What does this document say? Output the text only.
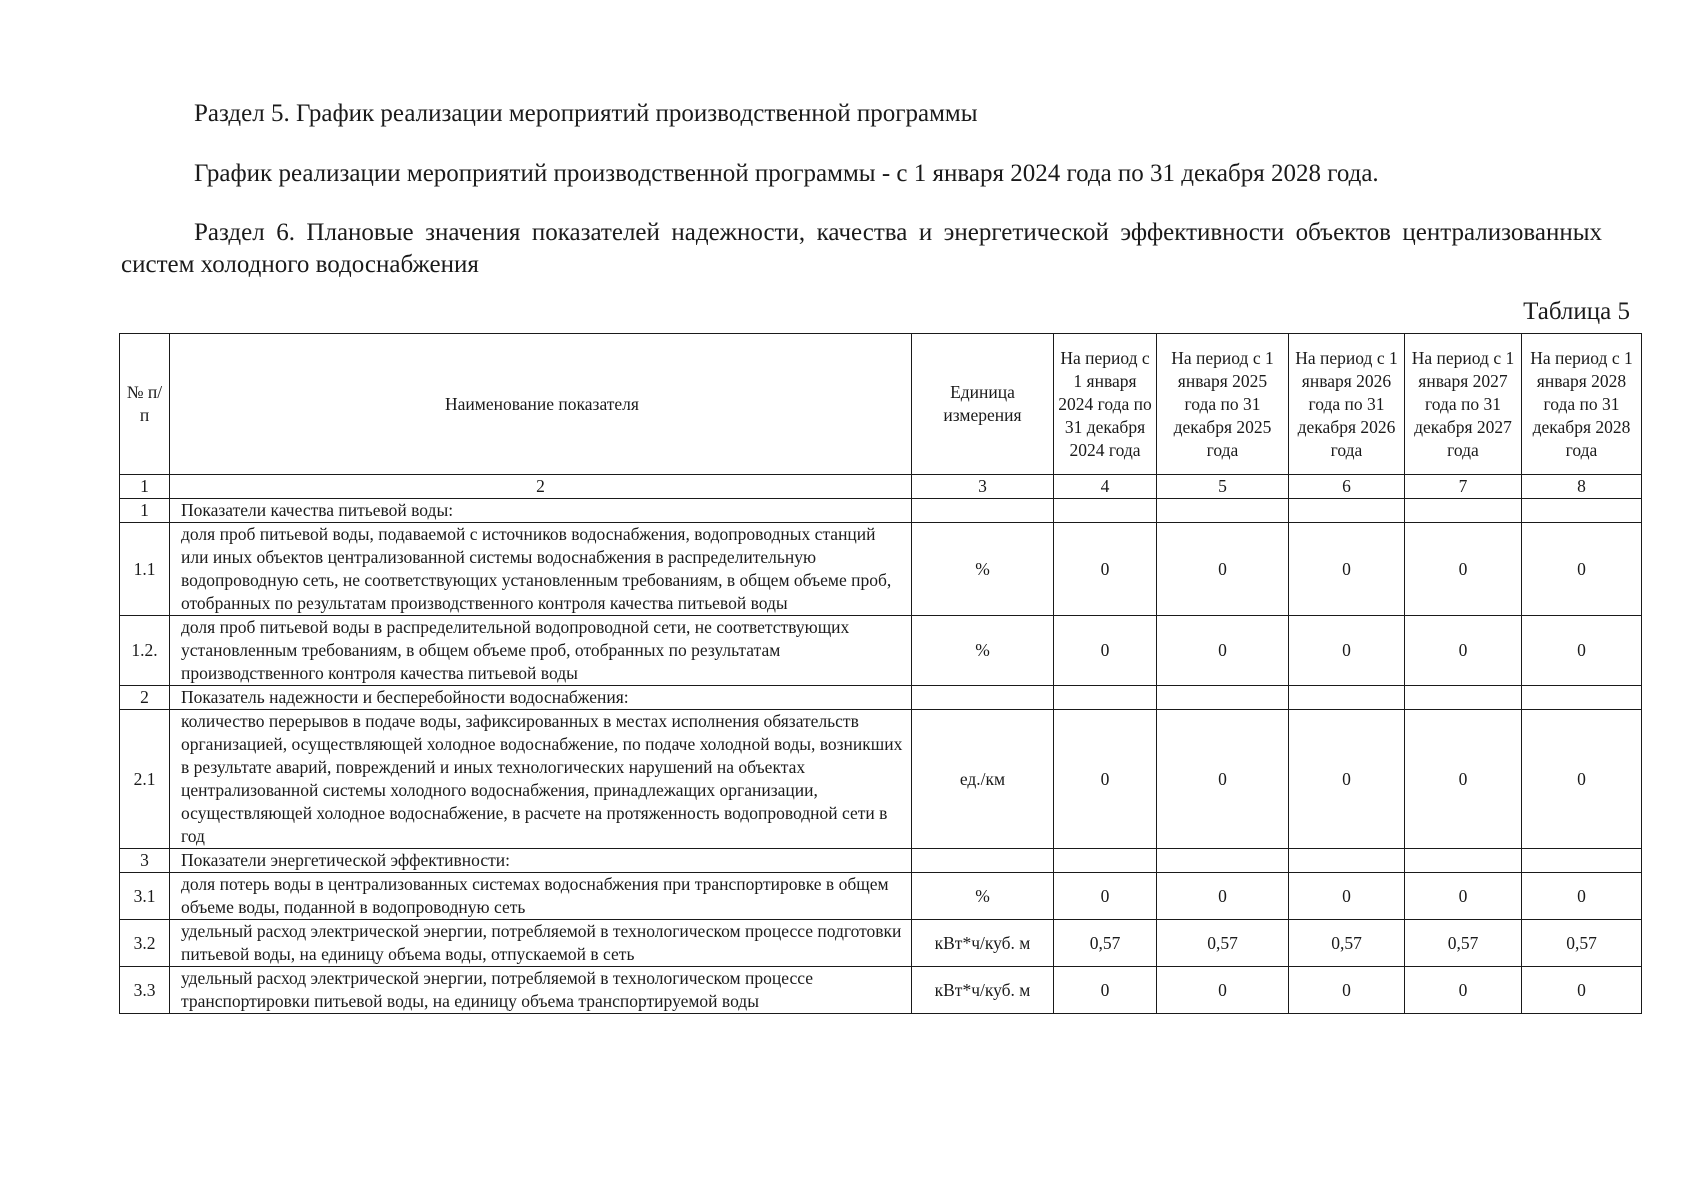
Раздел 5. График реализации мероприятий производственной программы
График реализации мероприятий производственной программы - с 1 января 2024 года по 31 декабря 2028 года.
Раздел 6. Плановые значения показателей надежности, качества и энергетической эффективности объектов централизованных систем холодного водоснабжения
Таблица 5
№ п/ п	Наименование показателя	Единица измерения	На период с 1 января 2024 года по 31 декабря 2024 года	На период с 1 января 2025 года по 31 декабря 2025 года	На период с 1 января 2026 года по 31 декабря 2026 года	На период с 1 января 2027 года по 31 декабря 2027 года	На период с 1 января 2028 года по 31 декабря 2028 года
1	2	3	4	5	6	7	8
1	Показатели качества питьевой воды:						
1.1	доля проб питьевой воды, подаваемой с источников водоснабжения, водопроводных станций или иных объектов централизованной системы водоснабжения в распределительную водопроводную сеть, не соответствующих установленным требованиям, в общем объеме проб, отобранных по результатам производственного контроля качества питьевой воды	%	0	0	0	0	0
1.2.	доля проб питьевой воды в распределительной водопроводной сети, не соответствующих установленным требованиям, в общем объеме проб, отобранных по результатам производственного контроля качества питьевой воды	%	0	0	0	0	0
2	Показатель надежности и бесперебойности водоснабжения:						
2.1	количество перерывов в подаче воды, зафиксированных в местах исполнения обязательств организацией, осуществляющей холодное водоснабжение, по подаче холодной воды, возникших в результате аварий, повреждений и иных технологических нарушений на объектах централизованной системы холодного водоснабжения, принадлежащих организации, осуществляющей холодное водоснабжение, в расчете на протяженность водопроводной сети в год	ед./км	0	0	0	0	0
3	Показатели энергетической эффективности:						
3.1	доля потерь воды в централизованных системах водоснабжения при транспортировке в общем объеме воды, поданной в водопроводную сеть	%	0	0	0	0	0
3.2	удельный расход электрической энергии, потребляемой в технологическом процессе подготовки питьевой воды, на единицу объема воды, отпускаемой в сеть	кВт*ч/куб. м	0,57	0,57	0,57	0,57	0,57
3.3	удельный расход электрической энергии, потребляемой в технологическом процессе транспортировки питьевой воды, на единицу объема транспортируемой воды	кВт*ч/куб. м	0	0	0	0	0
